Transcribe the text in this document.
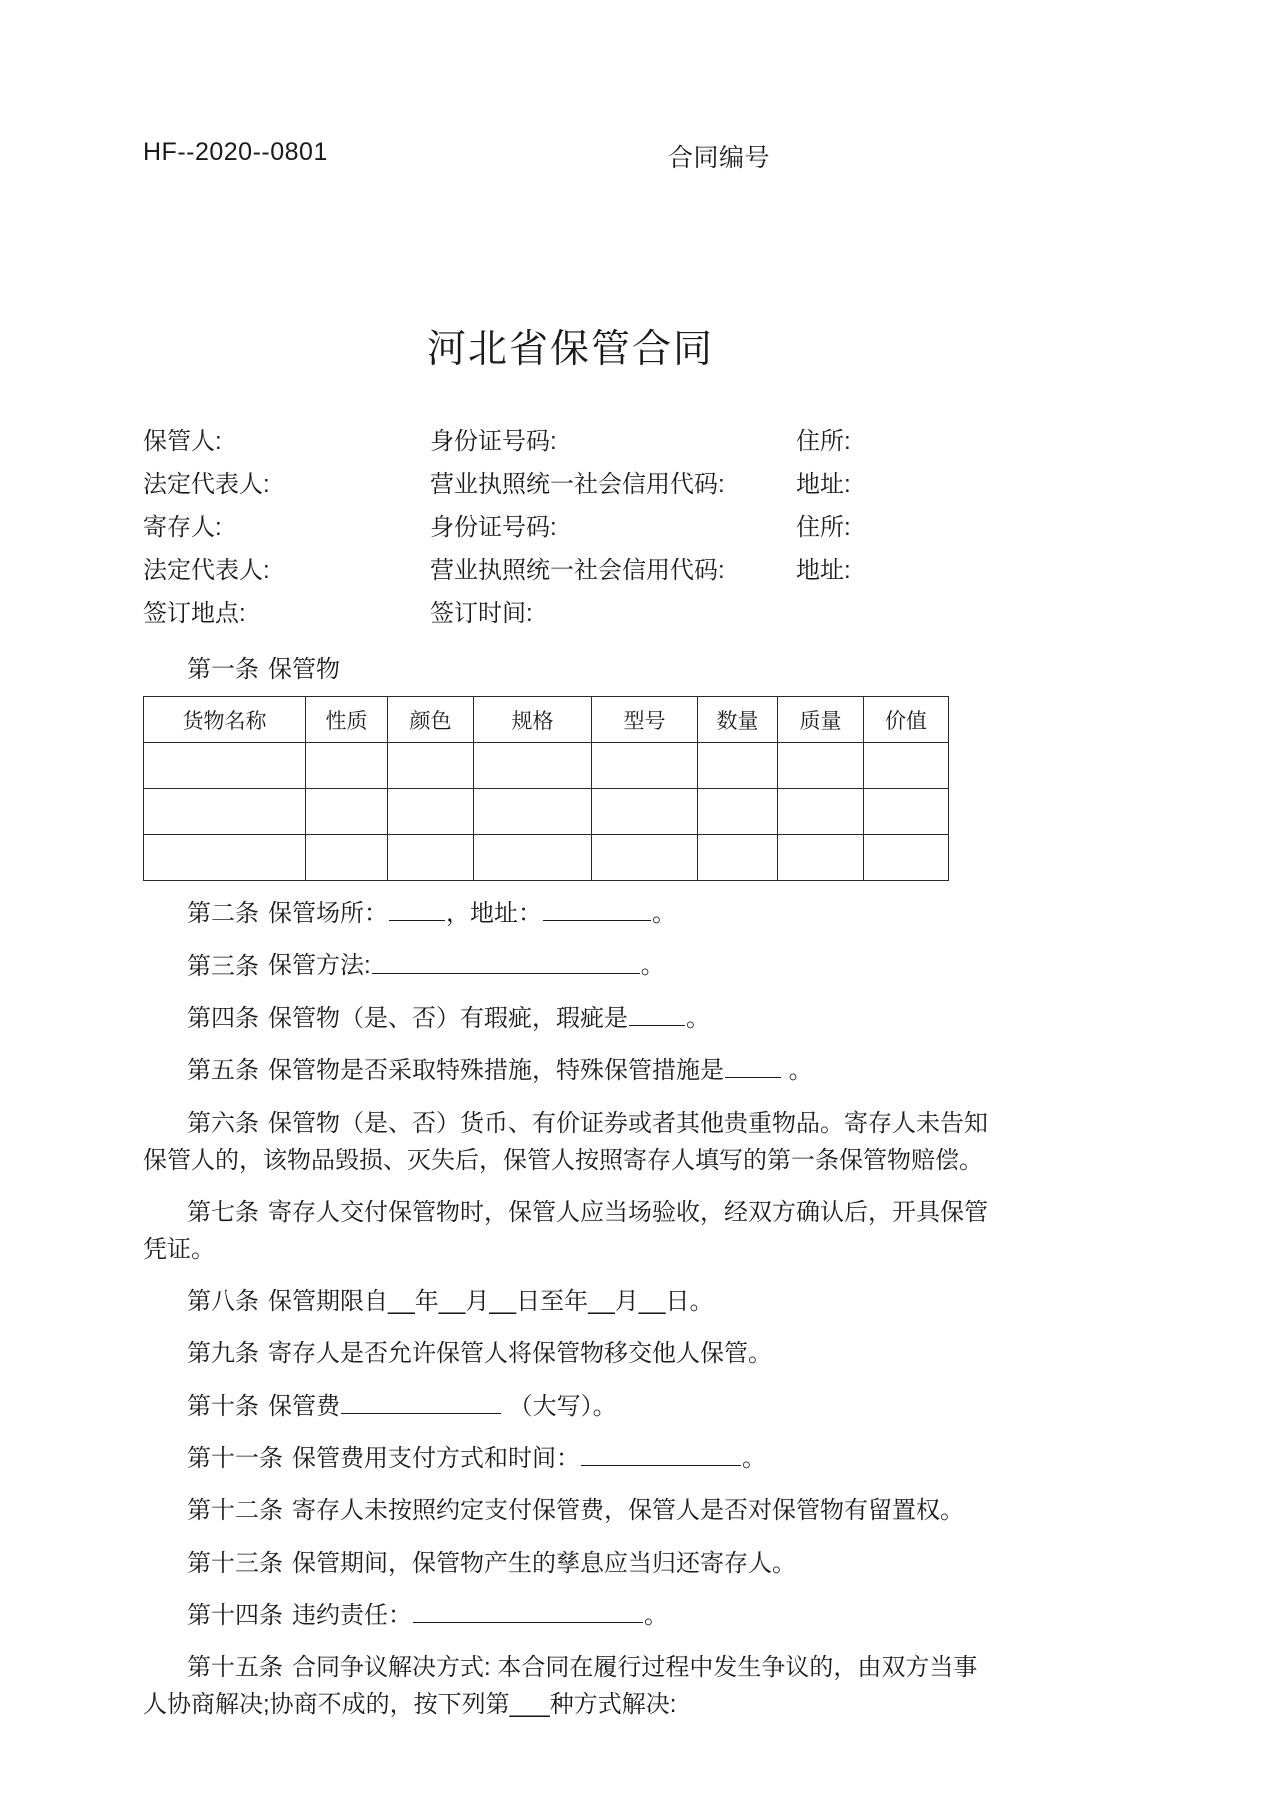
HF--2020--0801	合同编号
河北省保管合同
保管人:	身份证号码:	住所:
法定代表人:	营业执照统一社会信用代码:	地址:
寄存人:	身份证号码:	住所:
法定代表人:	营业执照统一社会信用代码:	地址:
签订地点:	签订时间:
第一条 保管物
货物名称	性质	颜色	规格	型号	数量	质量	价值

第二条 保管场所： ，地址：	。
第三条 保管方法:	。
第四条 保管物（是、否）有瑕疵，瑕疵是 。
第五条 保管物是否采取特殊措施，特殊保管措施是 。
第六条 保管物（是、否）货币、有价证券或者其他贵重物品。寄存人未告知保管人的，该物品毁损、灭失后，保管人按照寄存人填写的第一条保管物赔偿。
第七条 寄存人交付保管物时，保管人应当场验收，经双方确认后，开具保管凭证。
第八条 保管期限自__年__月__日至年__月__日。
第九条 寄存人是否允许保管人将保管物移交他人保管。
第十条 保管费	（大写）。
第十一条 保管费用支付方式和时间：	。
第十二条 寄存人未按照约定支付保管费，保管人是否对保管物有留置权。
第十三条 保管期间，保管物产生的孳息应当归还寄存人。
第十四条 违约责任：	。
第十五条 合同争议解决方式: 本合同在履行过程中发生争议的，由双方当事人协商解决;协商不成的，按下列第___种方式解决:
